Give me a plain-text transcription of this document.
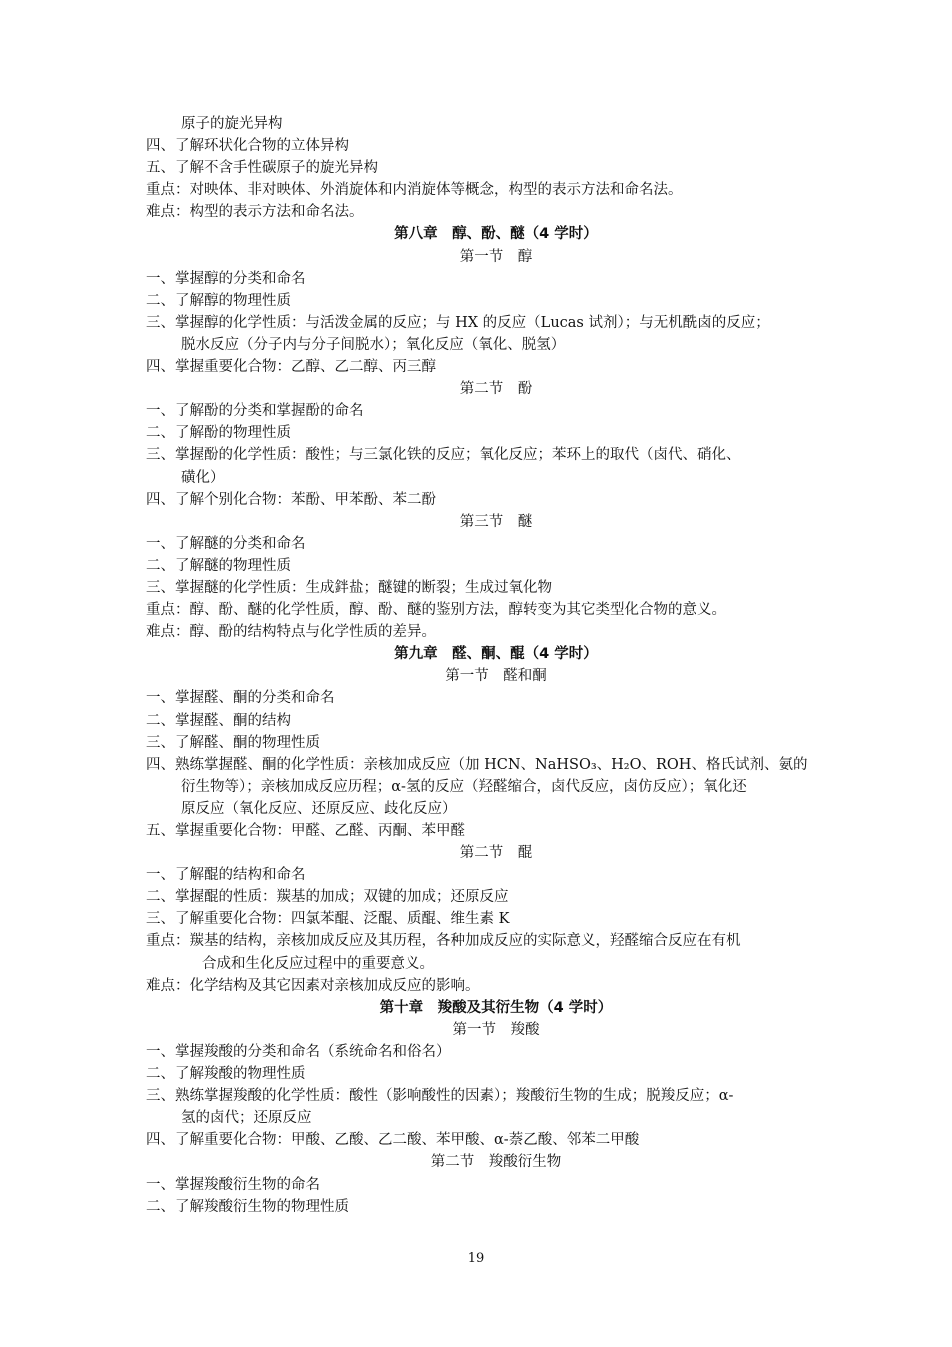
原子的旋光异构
四、了解环状化合物的立体异构
五、了解不含手性碳原子的旋光异构
重点：对映体、非对映体、外消旋体和内消旋体等概念，构型的表示方法和命名法。
难点：构型的表示方法和命名法。
第八章　醇、酚、醚（4 学时）
第一节　醇
一、掌握醇的分类和命名
二、了解醇的物理性质
三、掌握醇的化学性质：与活泼金属的反应；与 HX 的反应（Lucas 试剂）；与无机酰卤的反应；
脱水反应（分子内与分子间脱水）；氧化反应（氧化、脱氢）
四、掌握重要化合物：乙醇、乙二醇、丙三醇
第二节　酚
一、了解酚的分类和掌握酚的命名
二、了解酚的物理性质
三、掌握酚的化学性质：酸性；与三氯化铁的反应；氧化反应；苯环上的取代（卤代、硝化、
磺化）
四、了解个别化合物：苯酚、甲苯酚、苯二酚
第三节　醚
一、了解醚的分类和命名
二、了解醚的物理性质
三、掌握醚的化学性质：生成鉡盐；醚键的断裂；生成过氧化物
重点：醇、酚、醚的化学性质，醇、酚、醚的鉴别方法，醇转变为其它类型化合物的意义。
难点：醇、酚的结构特点与化学性质的差异。
第九章　醛、酮、醌（4 学时）
第一节　醛和酮
一、掌握醛、酮的分类和命名
二、掌握醛、酮的结构
三、了解醛、酮的物理性质
四、熟练掌握醛、酮的化学性质：亲核加成反应（加 HCN、NaHSO₃、H₂O、ROH、格氏试剂、氨的
衍生物等）；亲核加成反应历程；α-氢的反应（羟醛缩合，卤代反应，卤仿反应）；氧化还
原反应（氧化反应、还原反应、歧化反应）
五、掌握重要化合物：甲醛、乙醛、丙酮、苯甲醛
第二节　醌
一、了解醌的结构和命名
二、掌握醌的性质：羰基的加成；双键的加成；还原反应
三、了解重要化合物：四氯苯醌、泛醌、质醌、维生素 K
重点：羰基的结构，亲核加成反应及其历程，各种加成反应的实际意义，羟醛缩合反应在有机
合成和生化反应过程中的重要意义。
难点：化学结构及其它因素对亲核加成反应的影响。
第十章　羧酸及其衍生物（4 学时）
第一节　羧酸
一、掌握羧酸的分类和命名（系统命名和俗名）
二、了解羧酸的物理性质
三、熟练掌握羧酸的化学性质：酸性（影响酸性的因素）；羧酸衍生物的生成；脱羧反应；α-
氢的卤代；还原反应
四、了解重要化合物：甲酸、乙酸、乙二酸、苯甲酸、α-萘乙酸、邻苯二甲酸
第二节　羧酸衍生物
一、掌握羧酸衍生物的命名
二、了解羧酸衍生物的物理性质
19
